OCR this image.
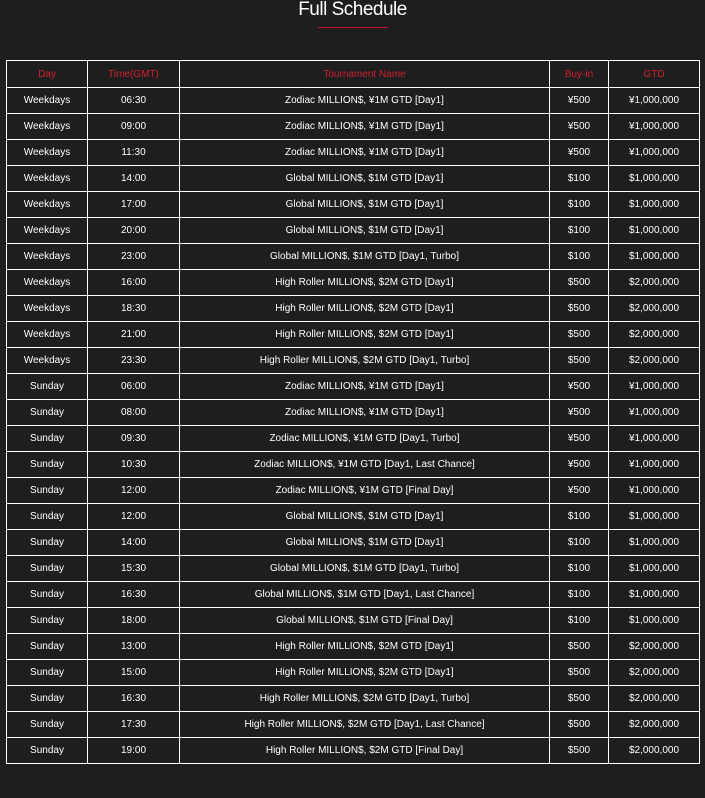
Full Schedule
Day	Time(GMT)	Tournament Name	Buy-in	GTD
Weekdays	06:30	Zodiac MILLION$, ¥1M GTD [Day1]	¥500	¥1,000,000
Weekdays	09:00	Zodiac MILLION$, ¥1M GTD [Day1]	¥500	¥1,000,000
Weekdays	11:30	Zodiac MILLION$, ¥1M GTD [Day1]	¥500	¥1,000,000
Weekdays	14:00	Global MILLION$, $1M GTD [Day1]	$100	$1,000,000
Weekdays	17:00	Global MILLION$, $1M GTD [Day1]	$100	$1,000,000
Weekdays	20:00	Global MILLION$, $1M GTD [Day1]	$100	$1,000,000
Weekdays	23:00	Global MILLION$, $1M GTD [Day1, Turbo]	$100	$1,000,000
Weekdays	16:00	High Roller MILLION$, $2M GTD [Day1]	$500	$2,000,000
Weekdays	18:30	High Roller MILLION$, $2M GTD [Day1]	$500	$2,000,000
Weekdays	21:00	High Roller MILLION$, $2M GTD [Day1]	$500	$2,000,000
Weekdays	23:30	High Roller MILLION$, $2M GTD [Day1, Turbo]	$500	$2,000,000
Sunday	06:00	Zodiac MILLION$, ¥1M GTD [Day1]	¥500	¥1,000,000
Sunday	08:00	Zodiac MILLION$, ¥1M GTD [Day1]	¥500	¥1,000,000
Sunday	09:30	Zodiac MILLION$, ¥1M GTD [Day1, Turbo]	¥500	¥1,000,000
Sunday	10:30	Zodiac MILLION$, ¥1M GTD [Day1, Last Chance]	¥500	¥1,000,000
Sunday	12:00	Zodiac MILLION$, ¥1M GTD [Final Day]	¥500	¥1,000,000
Sunday	12:00	Global MILLION$, $1M GTD [Day1]	$100	$1,000,000
Sunday	14:00	Global MILLION$, $1M GTD [Day1]	$100	$1,000,000
Sunday	15:30	Global MILLION$, $1M GTD [Day1, Turbo]	$100	$1,000,000
Sunday	16:30	Global MILLION$, $1M GTD [Day1, Last Chance]	$100	$1,000,000
Sunday	18:00	Global MILLION$, $1M GTD [Final Day]	$100	$1,000,000
Sunday	13:00	High Roller MILLION$, $2M GTD [Day1]	$500	$2,000,000
Sunday	15:00	High Roller MILLION$, $2M GTD [Day1]	$500	$2,000,000
Sunday	16:30	High Roller MILLION$, $2M GTD [Day1, Turbo]	$500	$2,000,000
Sunday	17:30	High Roller MILLION$, $2M GTD [Day1, Last Chance]	$500	$2,000,000
Sunday	19:00	High Roller MILLION$, $2M GTD [Final Day]	$500	$2,000,000
